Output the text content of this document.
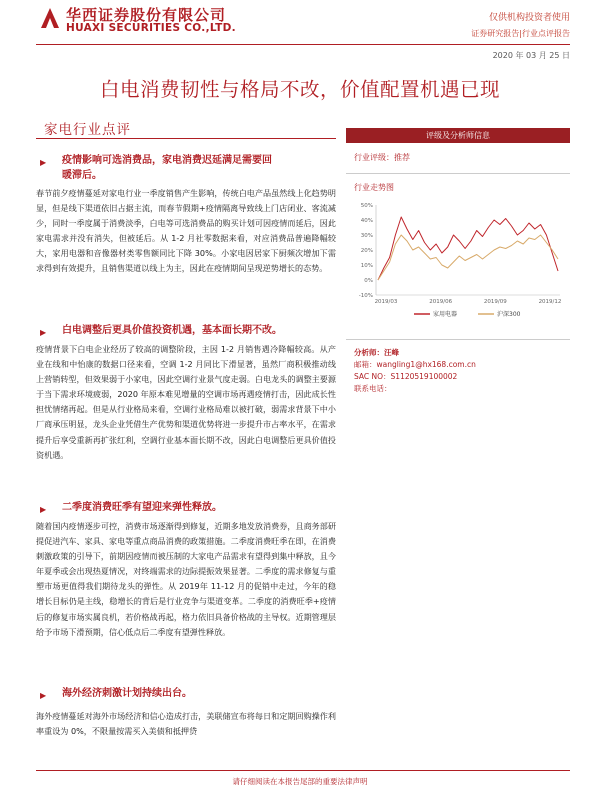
华西证券股份有限公司
HUAXI SECURITIES CO.,LTD.
仅供机构投资者使用
证券研究报告|行业点评报告
2020 年 03 月 25 日
白电消费韧性与格局不改，价值配置机遇已现
家电行业点评
▶ 疫情影响可选消费品，家电消费迟延满足需要回
暖滞后。

春节前夕疫情蔓延对家电行业一季度销售产生影响，传统白电产品虽然线上化趋势明显，但是线下渠道依旧占据主流，而春节假期+疫情隔离导致线上门店闭业、客流减少，同时一季度属于消费淡季，白电等可选消费品的购买计划可因疫情而延后，因此家电需求并没有消失，但被延后。从 1-2 月社零数据来看，对应消费品普遍降幅较大，家用电器和音像器材类零售额同比下降 30%。小家电因居家下厨频次增加下需求得到有效提升，且销售渠道以线上为主，因此在疫情期间呈现逆势增长的态势。

▶ 白电调整后更具价值投资机遇，基本面长期不改。

疫情背景下白电企业经历了较高的调整阶段，主因 1-2 月销售遇冷降幅较高。从产业在线和中怡康的数据口径来看，空调 1-2 月同比下滑显著，虽然厂商积极推动线上营销转型，但效果弱于小家电，因此空调行业景气度走弱。白电龙头的调整主要源于当下需求环境疲弱，2020 年原本难见增量的空调市场再遇疫情打击，因此成长性担忧情绪再起。但是从行业格局来看，空调行业格局难以被打破，弱需求背景下中小厂商承压明显，龙头企业凭借生产优势和渠道优势将进一步提升市占率水平，在需求提升后享受重新再扩张红利，空调行业基本面长期不改，因此白电调整后更具价值投资机遇。

▶ 二季度消费旺季有望迎来弹性释放。

随着国内疫情逐步可控，消费市场逐渐得到修复，近期多地发放消费券，且商务部研提促进汽车、家具、家电等重点商品消费的政策措施。二季度消费旺季在即，在消费刺激政策的引导下，前期因疫情而被压制的大家电产品需求有望得到集中释放，且今年夏季或会出现热夏情况，对终端需求的边际提振效果显著。二季度的需求修复与重塑市场更值得我们期待龙头的弹性。从 2019年 11-12 月的促销中走过，今年的稳增长目标仍是主线，稳增长的背后是行业竞争与渠道变革。二季度的消费旺季+疫情后的修复市场实属良机，若价格战再起，格力依旧具备价格战的主导权。近期管理层给予市场下滑预期，信心低点后二季度有望弹性释放。

▶ 海外经济刺激计划持续出台。

海外疫情蔓延对海外市场经济和信心造成打击，美联储宣布将每日和定期回购操作利率重设为 0%，不限量按需买入美债和抵押贷

评级及分析师信息
行业评级：推荐
行业走势图
-10%
0%
10%
20%
30%
40%
50%
2019/03	2019/06	2019/09	2019/12
家用电器	沪深300
分析师：汪峰
邮箱：wangling1@hx168.com.cn
SAC NO：S1120519100002
联系电话：
请仔细阅读在本报告尾部的重要法律声明
